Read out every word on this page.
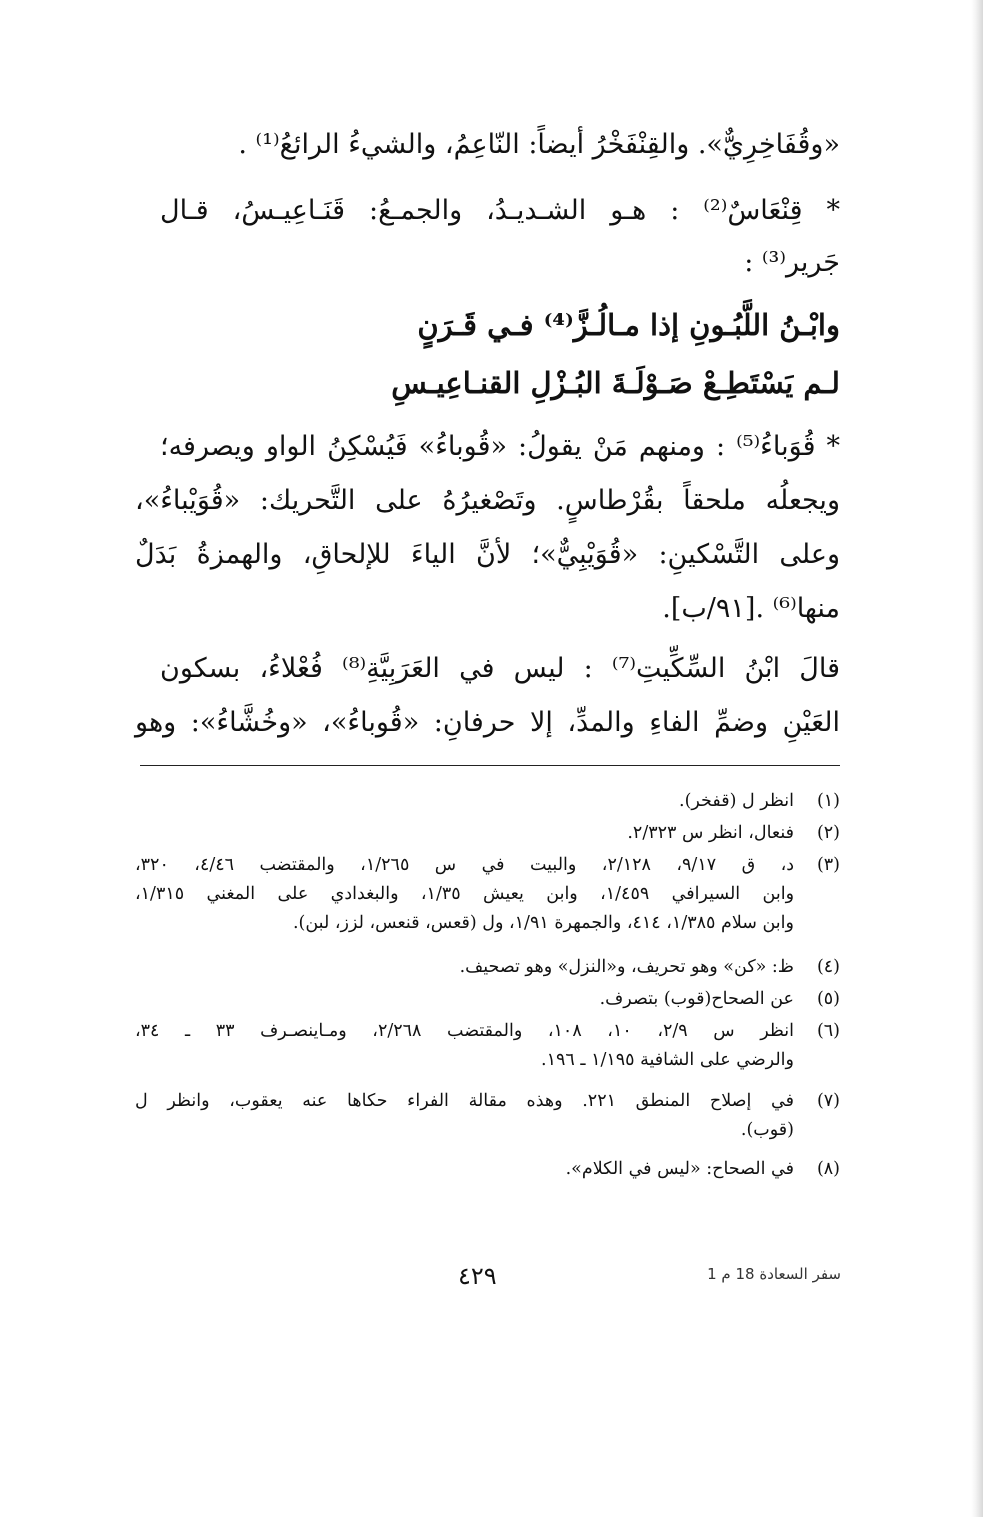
«وقُفَاخِرِيٌّ». والقِنْفَخْرُ أيضاً: النّاعِمُ، والشيءُ الرائعُ⁽¹⁾ .
* قِنْعَاسٌ⁽²⁾ : هـو الشـديـدُ، والجمـعُ: قَنَـاعِيـسُ، قـال
جَرير⁽³⁾ :
وابْـنُ اللَّبُـونِ إذا مـالُـزَّ⁽⁴⁾ فـي قَـرَنٍ
لـم يَسْتَطِـعْ صَـوْلَـةَ البُـزْلِ القنـاعِيـسِ
* قُوَباءُ⁽⁵⁾ : ومنهم مَنْ يقولُ: «قُوباءُ» فَيُسْكِنُ الواو ويصرفه؛
ويجعلُه ملحقاً بقُرْطاسٍ. وتَصْغيرُهُ على التَّحريك: «قُوَيْباءُ»،
وعلى التَّسْكينِ: «قُوَيْبِيٌّ»؛ لأنَّ الياءَ للإلحاقِ، والهمزةُ بَدَلٌ
منها⁽⁶⁾ .[٩١/ب].
قالَ ابْنُ السِّكِّيتِ⁽⁷⁾ : ليس في العَرَبِيَّةِ⁽⁸⁾ فُعْلاءُ، بسكون
العَيْنِ وضمِّ الفاءِ والمدِّ، إلا حرفانِ: «قُوباءُ»، «وخُشَّاءُ»: وهو
(١)
انظر ل (قفخر).
(٢)
فنعال، انظر س ٢/٣٢٣.
(٣)
د، ق ٩/١٧، ٢/١٢٨، والبيت في س ١/٢٦٥، والمقتضب ٤/٤٦، ٣٢٠،
وابن السيرافي ١/٤٥٩، وابن يعيش ١/٣٥، والبغدادي على المغني ١/٣١٥،
وابن سلام ١/٣٨٥، ٤١٤، والجمهرة ١/٩١، ول (قعس، قنعس، لزز، لبن).
(٤)
ظ: «كن» وهو تحريف، و«النزل» وهو تصحيف.
(٥)
عن الصحاح(قوب) بتصرف.
(٦)
انظر س ٢/٩، ١٠، ١٠٨، والمقتضب ٢/٢٦٨، ومـاينصـرف ٣٣ ـ ٣٤،
والرضي على الشافية ١/١٩٥ ـ ١٩٦.
(٧)
في إصلاح المنطق ٢٢١. وهذه مقالة الفراء حكاها عنه يعقوب، وانظر ل
(قوب).
(٨)
في الصحاح: «ليس في الكلام».
٤٢٩	سفر السعادة 18 م 1
